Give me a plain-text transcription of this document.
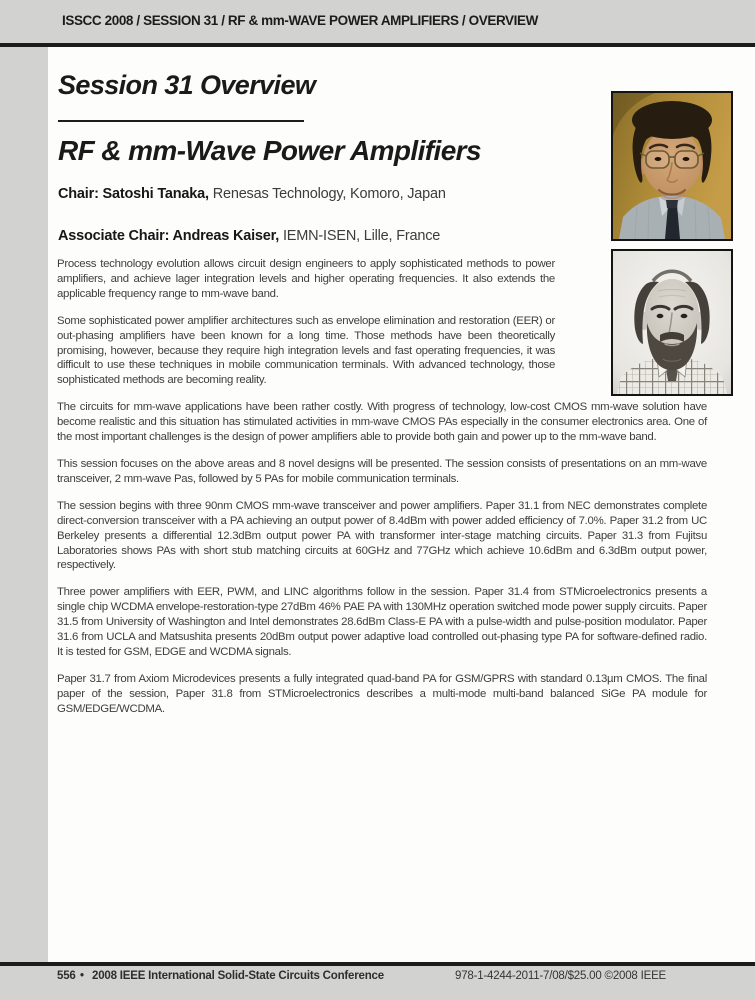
ISSCC 2008 / SESSION 31 / RF & mm-WAVE POWER AMPLIFIERS / OVERVIEW
Session 31 Overview
RF & mm-Wave Power Amplifiers

Chair: Satoshi Tanaka, Renesas Technology, Komoro, Japan

Associate Chair: Andreas Kaiser, IEMN-ISEN, Lille, France

Process technology evolution allows circuit design engineers to apply sophisticated methods to power amplifiers, and achieve lager integration levels and higher operating frequencies. It also extends the applicable frequency range to mm-wave band.

Some sophisticated power amplifier architectures such as envelope elimination and restoration (EER) or out-phasing amplifiers have been known for a long time. Those methods have been theoretically promising, however, because they require high integration levels and fast operating frequencies, it was difficult to use these techniques in mobile communication terminals. With advanced technology, those sophisticated methods are becoming reality.

The circuits for mm-wave applications have been rather costly. With progress of technology, low-cost CMOS mm-wave solution have become realistic and this situation has stimulated activities in mm-wave CMOS PAs especially in the consumer electronics area. One of the most important challenges is the design of power amplifiers able to provide both gain and power up to the mm-wave band.

This session focuses on the above areas and 8 novel designs will be presented. The session consists of presentations on an mm-wave transceiver, 2 mm-wave Pas, followed by 5 PAs for mobile communication terminals.

The session begins with three 90nm CMOS mm-wave transceiver and power amplifiers. Paper 31.1 from NEC demonstrates complete direct-conversion transceiver with a PA achieving an output power of 8.4dBm with power added efficiency of 7.0%. Paper 31.2 from UC Berkeley presents a differential 12.3dBm output power PA with transformer inter-stage matching circuits. Paper 31.3 from Fujitsu Laboratories shows PAs with short stub matching circuits at 60GHz and 77GHz which achieve 10.6dBm and 6.3dBm output power, respectively.

Three power amplifiers with EER, PWM, and LINC algorithms follow in the session. Paper 31.4 from STMicroelectronics presents a single chip WCDMA envelope-restoration-type 27dBm 46% PAE PA with 130MHz operation switched mode power supply circuits. Paper 31.5 from University of Washington and Intel demonstrates 28.6dBm Class-E PA with a pulse-width and pulse-position modulator. Paper 31.6 from UCLA and Matsushita presents 20dBm output power adaptive load controlled out-phasing type PA for software-defined radio. It is tested for GSM, EDGE and WCDMA signals.

Paper 31.7 from Axiom Microdevices presents a fully integrated quad-band PA for GSM/GPRS with standard 0.13µm CMOS. The final paper of the session, Paper 31.8 from STMicroelectronics describes a multi-mode multi-band balanced SiGe PA module for GSM/EDGE/WCDMA.

556 • 2008 IEEE International Solid-State Circuits Conference	978-1-4244-2011-7/08/$25.00 ©2008 IEEE
